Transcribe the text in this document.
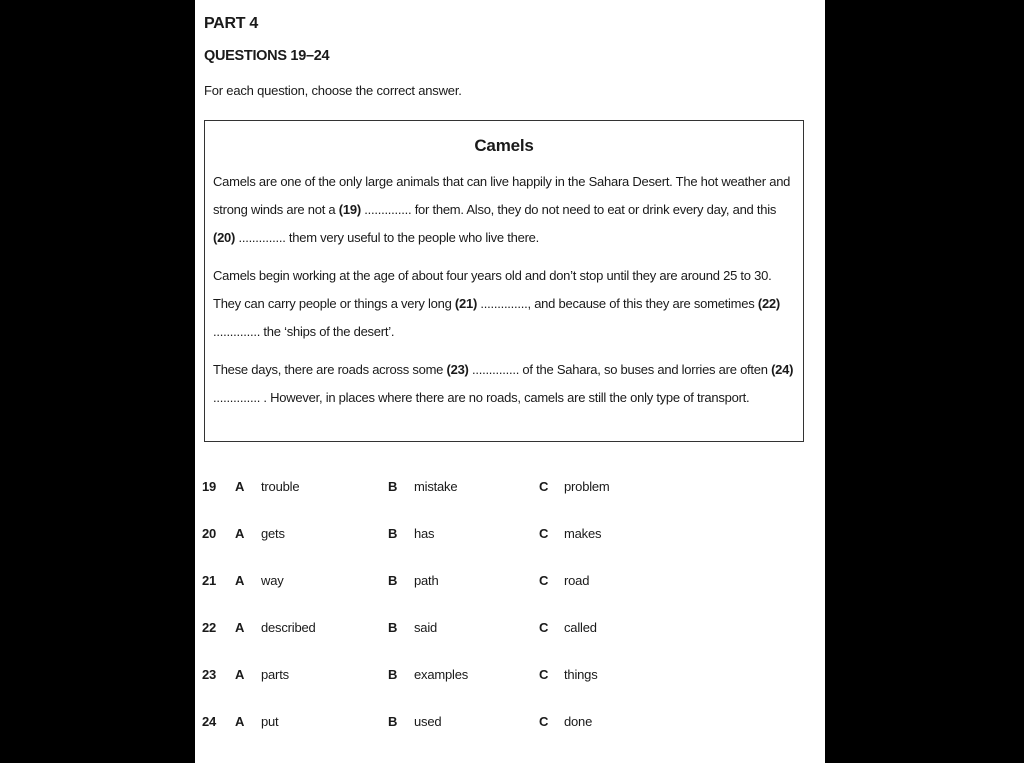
PART 4
QUESTIONS 19–24
For each question, choose the correct answer.
Camels

Camels are one of the only large animals that can live happily in the Sahara Desert. The hot weather and strong winds are not a (19) .............. for them. Also, they do not need to eat or drink every day, and this (20) .............. them very useful to the people who live there.

Camels begin working at the age of about four years old and don’t stop until they are around 25 to 30. They can carry people or things a very long (21) .............., and because of this they are sometimes (22) .............. the ‘ships of the desert’.

These days, there are roads across some (23) .............. of the Sahara, so buses and lorries are often (24) .............. . However, in places where there are no roads, camels are still the only type of transport.

19 A trouble	B mistake	C problem
20 A gets	B has	C makes
21 A way	B path	C road
22 A described	B said	C called
23 A parts	B examples	C things
24 A put	B used	C done
